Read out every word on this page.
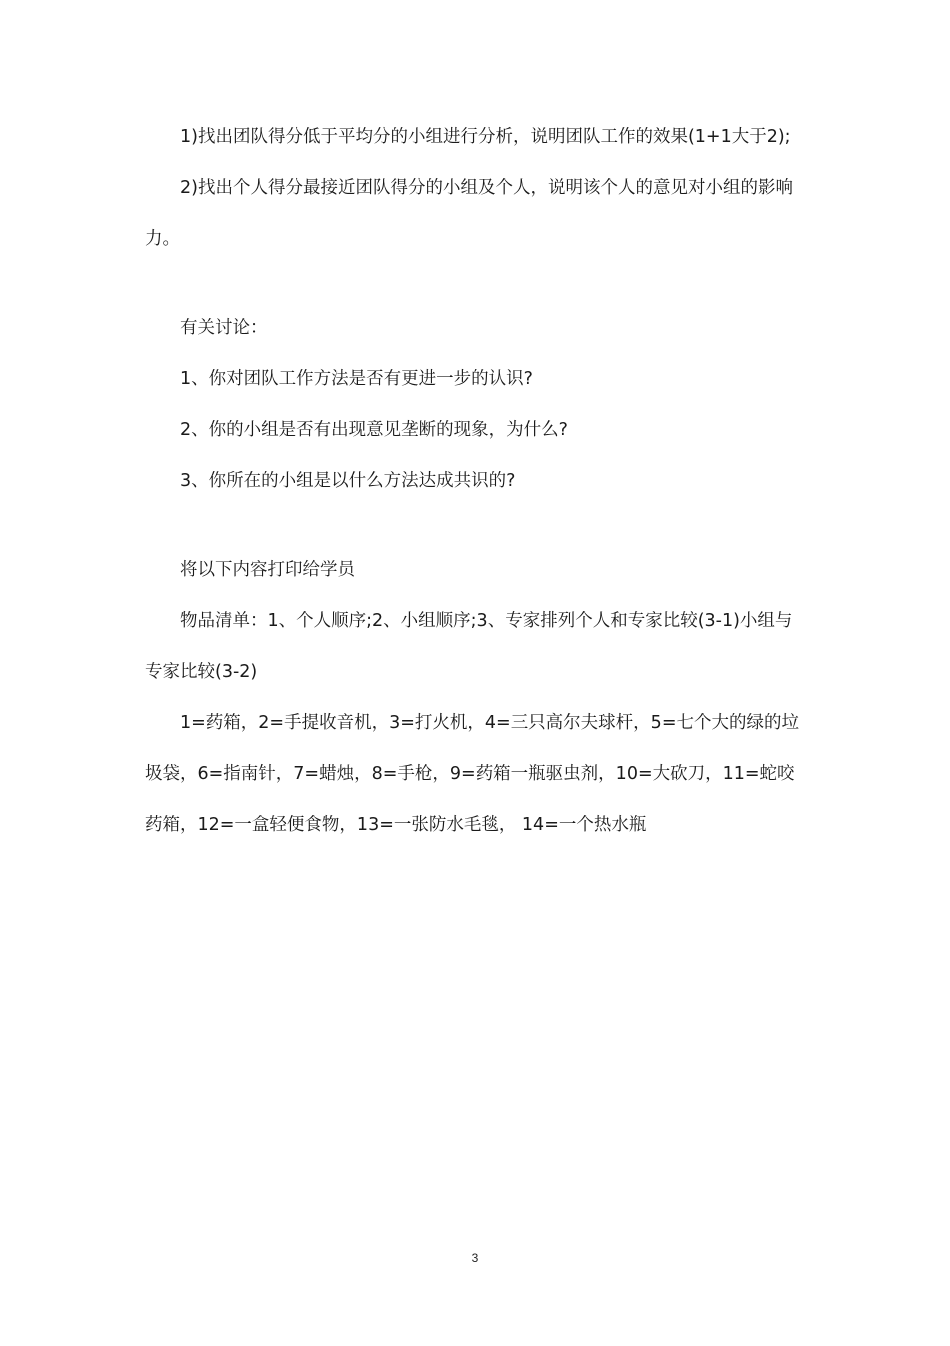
1)找出团队得分低于平均分的小组进行分析，说明团队工作的效果(1+1大于2);

2)找出个人得分最接近团队得分的小组及个人，说明该个人的意见对小组的影响力。

有关讨论：

1、你对团队工作方法是否有更进一步的认识?

2、你的小组是否有出现意见垄断的现象，为什么?

3、你所在的小组是以什么方法达成共识的?

将以下内容打印给学员

物品清单：1、个人顺序;2、小组顺序;3、专家排列个人和专家比较(3-1)小组与专家比较(3-2)

1=药箱，2=手提收音机，3=打火机，4=三只高尔夫球杆，5=七个大的绿的垃圾袋，6=指南针，7=蜡烛，8=手枪，9=药箱一瓶驱虫剂，10=大砍刀，11=蛇咬药箱，12=一盒轻便食物，13=一张防水毛毯， 14=一个热水瓶

3
